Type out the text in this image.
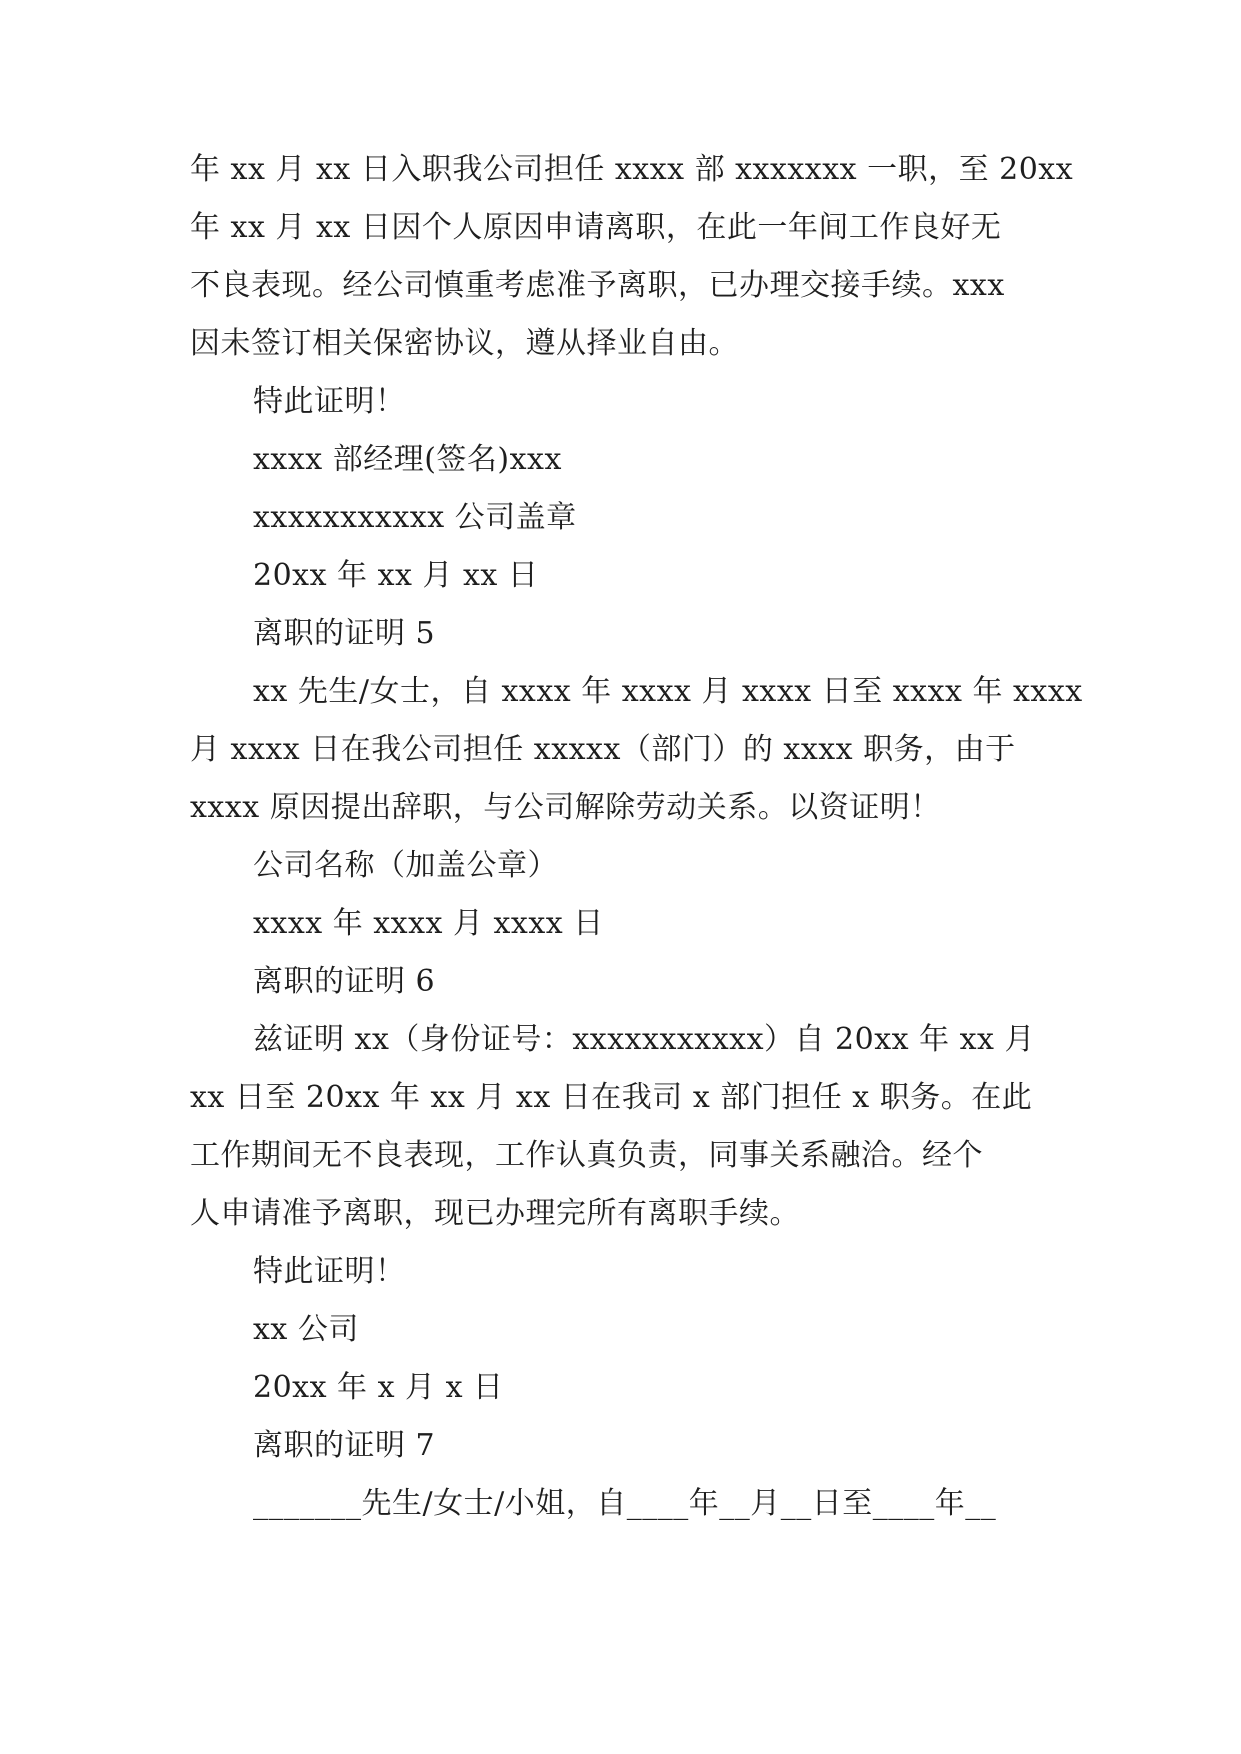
年 xx 月 xx 日入职我公司担任 xxxx 部 xxxxxxx 一职，至 20xx
年 xx 月 xx 日因个人原因申请离职，在此一年间工作良好无
不良表现。经公司慎重考虑准予离职，已办理交接手续。xxx
因未签订相关保密协议，遵从择业自由。
特此证明！
xxxx 部经理(签名)xxx
xxxxxxxxxxx 公司盖章
20xx 年 xx 月 xx 日
离职的证明 5
xx 先生/女士，自 xxxx 年 xxxx 月 xxxx 日至 xxxx 年 xxxx
月 xxxx 日在我公司担任 xxxxx（部门）的 xxxx 职务，由于
xxxx 原因提出辞职，与公司解除劳动关系。以资证明！
公司名称（加盖公章）
xxxx 年 xxxx 月 xxxx 日
离职的证明 6
兹证明 xx（身份证号：xxxxxxxxxxx）自 20xx 年 xx 月
xx 日至 20xx 年 xx 月 xx 日在我司 x 部门担任 x 职务。在此
工作期间无不良表现，工作认真负责，同事关系融洽。经个
人申请准予离职，现已办理完所有离职手续。
特此证明！
xx 公司
20xx 年 x 月 x 日
离职的证明 7
_______先生/女士/小姐，自____年__月__日至____年__
